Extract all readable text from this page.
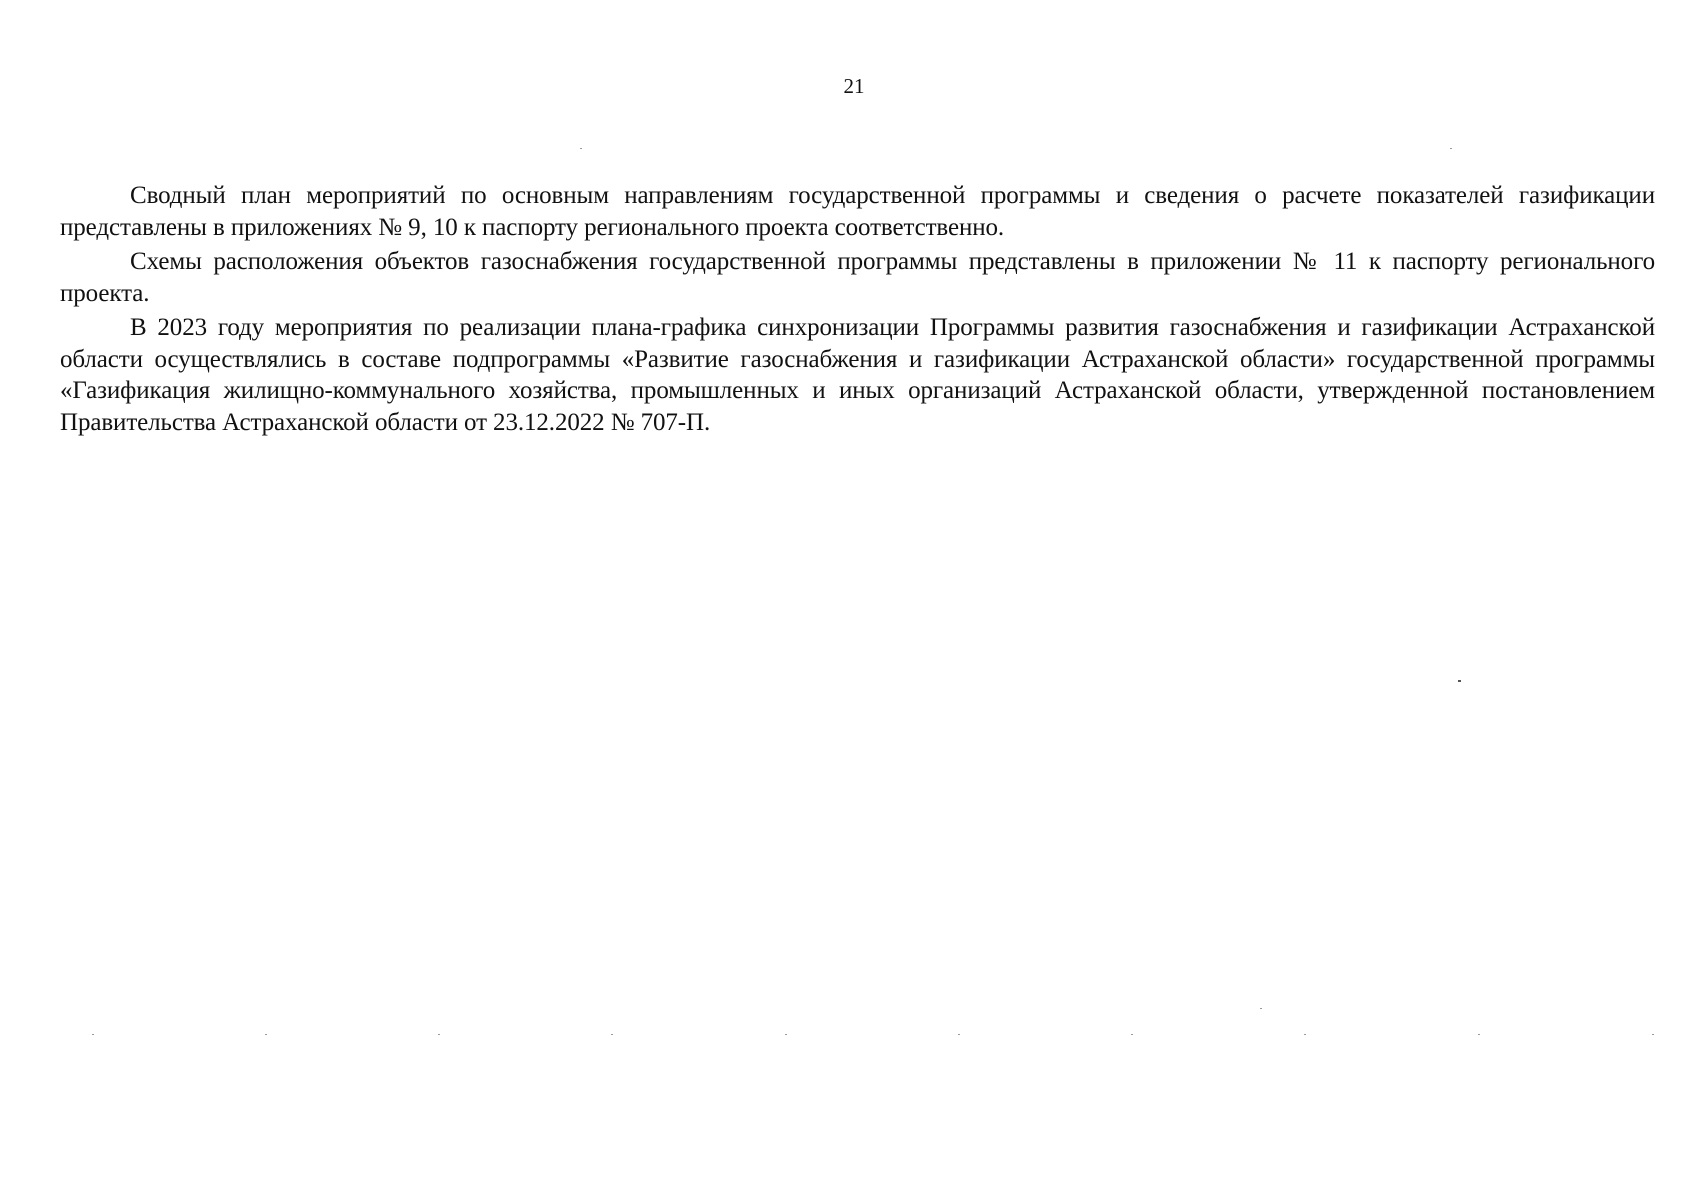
21

Сводный план мероприятий по основным направлениям государственной программы и сведения о расчете показателей газификации представлены в приложениях № 9, 10 к паспорту регионального проекта соответственно.

Схемы расположения объектов газоснабжения государственной программы представлены в приложении № 11 к паспорту регионального проекта.

В 2023 году мероприятия по реализации плана-графика синхронизации Программы развития газоснабжения и газификации Астраханской области осуществлялись в составе подпрограммы «Развитие газоснабжения и газификации Астраханской области» государственной программы «Газификация жилищно-коммунального хозяйства, промышленных и иных организаций Астраханской области, утвержденной постановлением Правительства Астраханской области от 23.12.2022 № 707-П.
